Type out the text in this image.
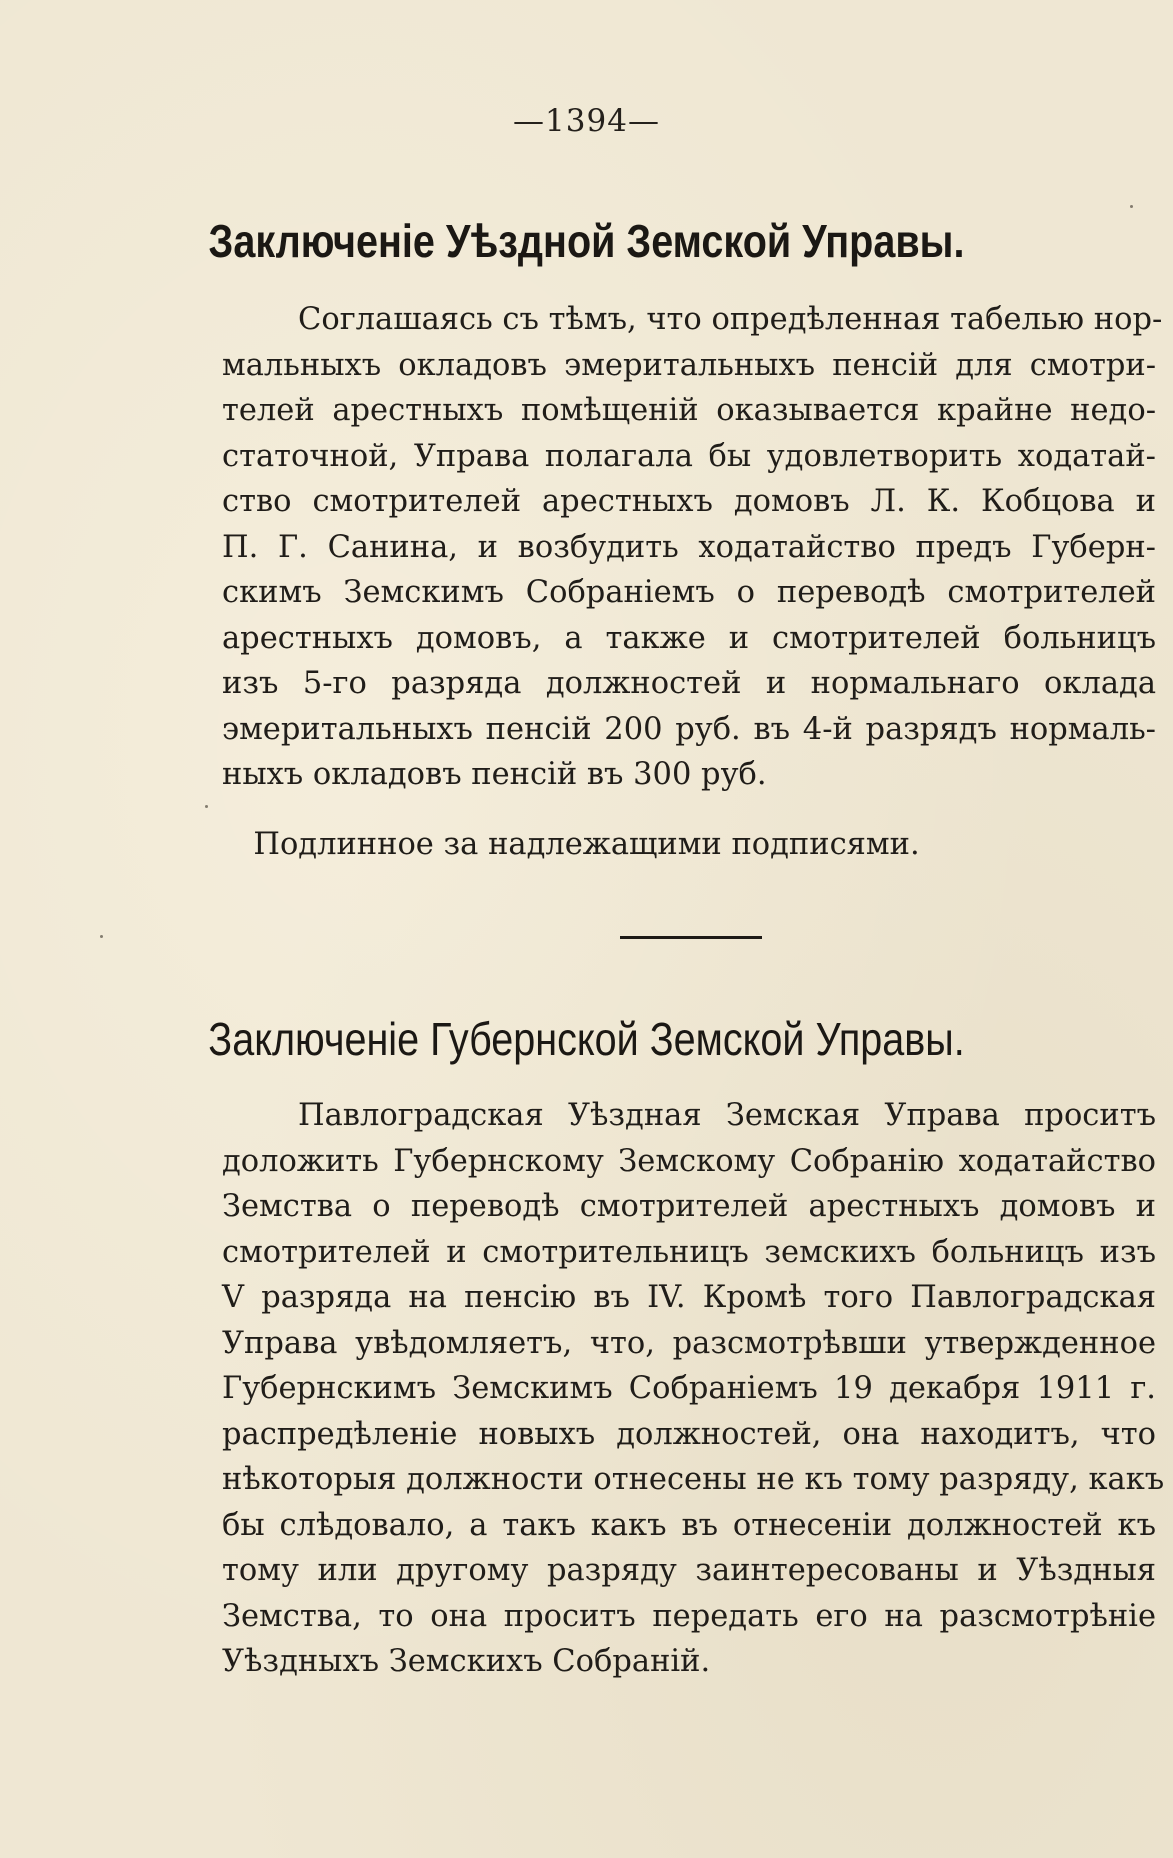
—1394—
Заключеніе Уѣздной Земской Управы.
Соглашаясь съ тѣмъ, что опредѣленная табелью нор-
мальныхъ окладовъ эмеритальныхъ пенсій для смотри-
телей арестныхъ помѣщеній оказывается крайне недо-
статочной, Управа полагала бы удовлетворить ходатай-
ство смотрителей арестныхъ домовъ Л. К. Кобцова и
П. Г. Санина, и возбудить ходатайство предъ Губерн-
скимъ Земскимъ Собраніемъ о переводѣ смотрителей
арестныхъ домовъ, а также и смотрителей больницъ
изъ 5-го разряда должностей и нормальнаго оклада
эмеритальныхъ пенсій 200 руб. въ 4-й разрядъ нормаль-
ныхъ окладовъ пенсій въ 300 руб.
Подлинное за надлежащими подписями.
Заключеніе Губернской Земской Управы.
Павлоградская Уѣздная Земская Управа проситъ
доложить Губернскому Земскому Собранію ходатайство
Земства о переводѣ смотрителей арестныхъ домовъ и
смотрителей и смотрительницъ земскихъ больницъ изъ
V разряда на пенсію въ IV. Кромѣ того Павлоградская
Управа увѣдомляетъ, что, разсмотрѣвши утвержденное
Губернскимъ Земскимъ Собраніемъ 19 декабря 1911 г.
распредѣленіе новыхъ должностей, она находитъ, что
нѣкоторыя должности отнесены не къ тому разряду, какъ
бы слѣдовало, а такъ какъ въ отнесеніи должностей къ
тому или другому разряду заинтересованы и Уѣздныя
Земства, то она проситъ передать его на разсмотрѣніе
Уѣздныхъ Земскихъ Собраній.
